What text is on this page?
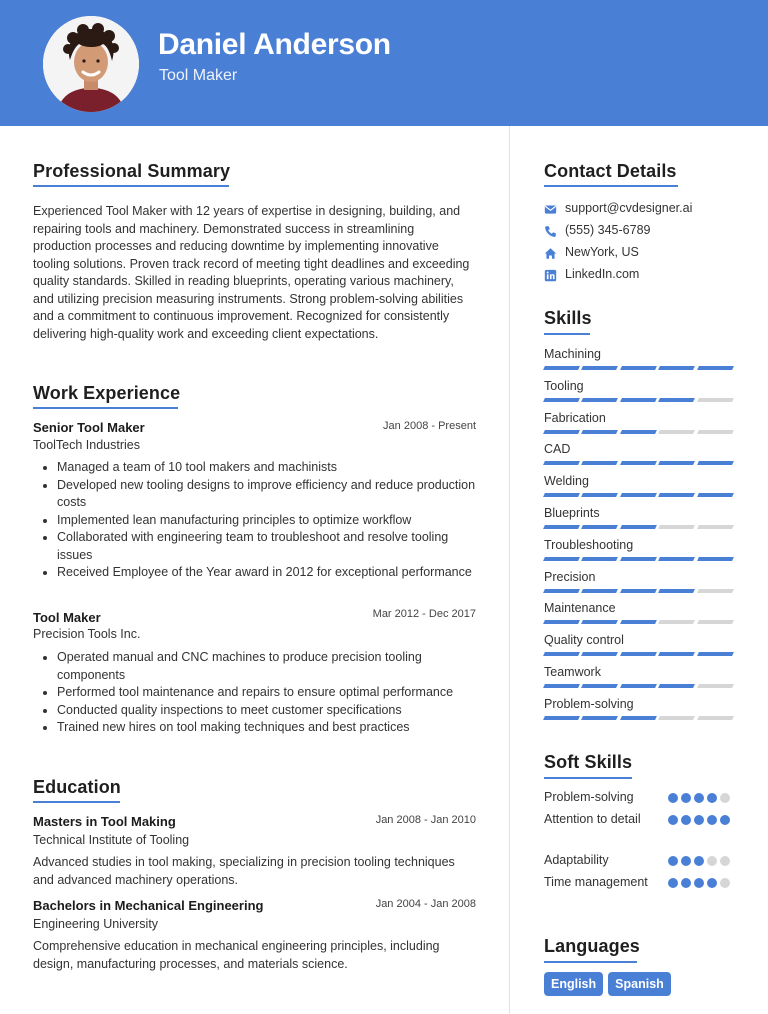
Daniel Anderson
Tool Maker
Professional Summary
Experienced Tool Maker with 12 years of expertise in designing, building, and repairing tools and machinery. Demonstrated success in streamlining production processes and reducing downtime by implementing innovative tooling solutions. Proven track record of meeting tight deadlines and exceeding quality standards. Skilled in reading blueprints, operating various machinery, and utilizing precision measuring instruments. Strong problem-solving abilities and a commitment to continuous improvement. Recognized for consistently delivering high-quality work and exceeding client expectations.
Work Experience
Senior Tool Maker	Jan 2008 - Present
ToolTech Industries
Managed a team of 10 tool makers and machinists
Developed new tooling designs to improve efficiency and reduce production costs
Implemented lean manufacturing principles to optimize workflow
Collaborated with engineering team to troubleshoot and resolve tooling issues
Received Employee of the Year award in 2012 for exceptional performance
Tool Maker	Mar 2012 - Dec 2017
Precision Tools Inc.
Operated manual and CNC machines to produce precision tooling components
Performed tool maintenance and repairs to ensure optimal performance
Conducted quality inspections to meet customer specifications
Trained new hires on tool making techniques and best practices
Education
Masters in Tool Making	Jan 2008 - Jan 2010
Technical Institute of Tooling
Advanced studies in tool making, specializing in precision tooling techniques and advanced machinery operations.
Bachelors in Mechanical Engineering	Jan 2004 - Jan 2008
Engineering University
Comprehensive education in mechanical engineering principles, including design, manufacturing processes, and materials science.
Contact Details
support@cvdesigner.ai
(555) 345-6789
NewYork, US
LinkedIn.com
Skills
Machining
Tooling
Fabrication
CAD
Welding
Blueprints
Troubleshooting
Precision
Maintenance
Quality control
Teamwork
Problem-solving
Soft Skills
Problem-solving
Attention to detail
Adaptability
Time management
Languages
English	Spanish
